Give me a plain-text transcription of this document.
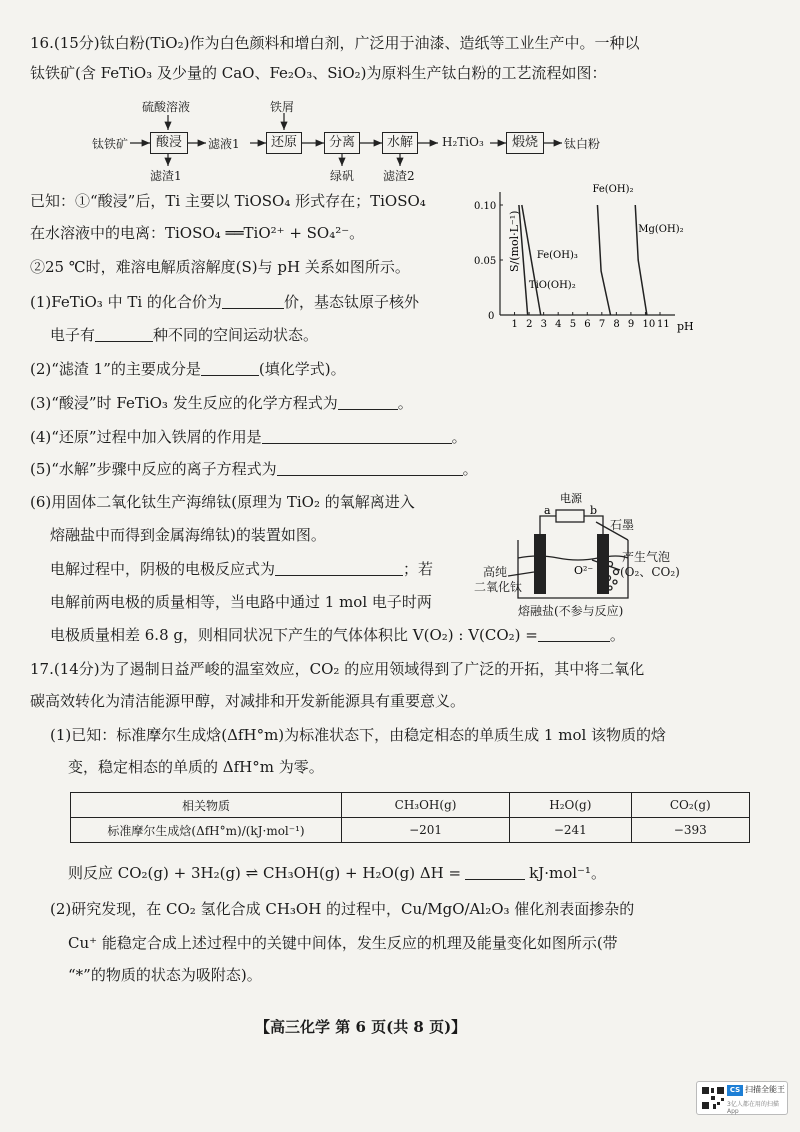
16.(15分)钛白粉(TiO₂)作为白色颜料和增白剂，广泛用于油漆、造纸等工业生产中。一种以
钛铁矿(含 FeTiO₃ 及少量的 CaO、Fe₂O₃、SiO₂)为原料生产钛白粉的工艺流程如图：
钛铁矿
硫酸溶液
酸浸
滤渣1
滤液1
铁屑
还原	分离
绿矾
水解
滤渣2
H₂TiO₃	煅烧	钛白粉
已知：①“酸浸”后，Ti 主要以 TiOSO₄ 形式存在；TiOSO₄
在水溶液中的电离：TiOSO₄ ══TiO²⁺ + SO₄²⁻。
②25 ℃时，难溶电解质溶解度(S)与 pH 关系如图所示。	S/(mol·L⁻¹)
pH
0
1 2 3 4 5 6 7 8 9 10 11
0.05
0.10
TiO(OH)₂
Fe(OH)₃
Fe(OH)₂
Mg(OH)₂
(1)FeTiO₃ 中 Ti 的化合价为	价，基态钛原子核外
电子有	种不同的空间运动状态。
(2)“滤渣 1”的主要成分是	(填化学式)。
(3)“酸浸”时 FeTiO₃ 发生反应的化学方程式为	。
(4)“还原”过程中加入铁屑的作用是	。
(5)“水解”步骤中反应的离子方程式为	。
(6)用固体二氧化钛生产海绵钛(原理为 TiO₂ 的氧解离进入
熔融盐中而得到金属海绵钛)的装置如图。
电解过程中，阴极的电极反应式为	；若
电解前两电极的质量相等，当电路中通过 1 mol 电子时两
电极质量相差 6.8 g，则相同状况下产生的气体体积比 V(O₂) : V(CO₂) =	。
电源
a	b
O²⁻
石墨
产生气泡
(O₂、CO₂)
高纯
二氧化钛
熔融盐(不参与反应)
17.(14分)为了遏制日益严峻的温室效应，CO₂ 的应用领域得到了广泛的开拓，其中将二氧化
碳高效转化为清洁能源甲醇，对减排和开发新能源具有重要意义。
(1)已知：标准摩尔生成焓(ΔfH°m)为标准状态下，由稳定相态的单质生成 1 mol 该物质的焓
变，稳定相态的单质的 ΔfH°m 为零。
相关物质	CH₃OH(g)	H₂O(g)	CO₂(g)
标准摩尔生成焓(ΔfH°m)/(kJ·mol⁻¹)	−201	−241	−393
则反应 CO₂(g) + 3H₂(g) ⇌ CH₃OH(g) + H₂O(g) ΔH =	kJ·mol⁻¹。
(2)研究发现，在 CO₂ 氢化合成 CH₃OH 的过程中，Cu/MgO/Al₂O₃ 催化剂表面掺杂的
Cu⁺ 能稳定合成上述过程中的关键中间体，发生反应的机理及能量变化如图所示(带
“*”的物质的状态为吸附态)。
【高三化学 第 6 页(共 8 页)】
CS 扫描全能王
3亿人都在用的扫描App
